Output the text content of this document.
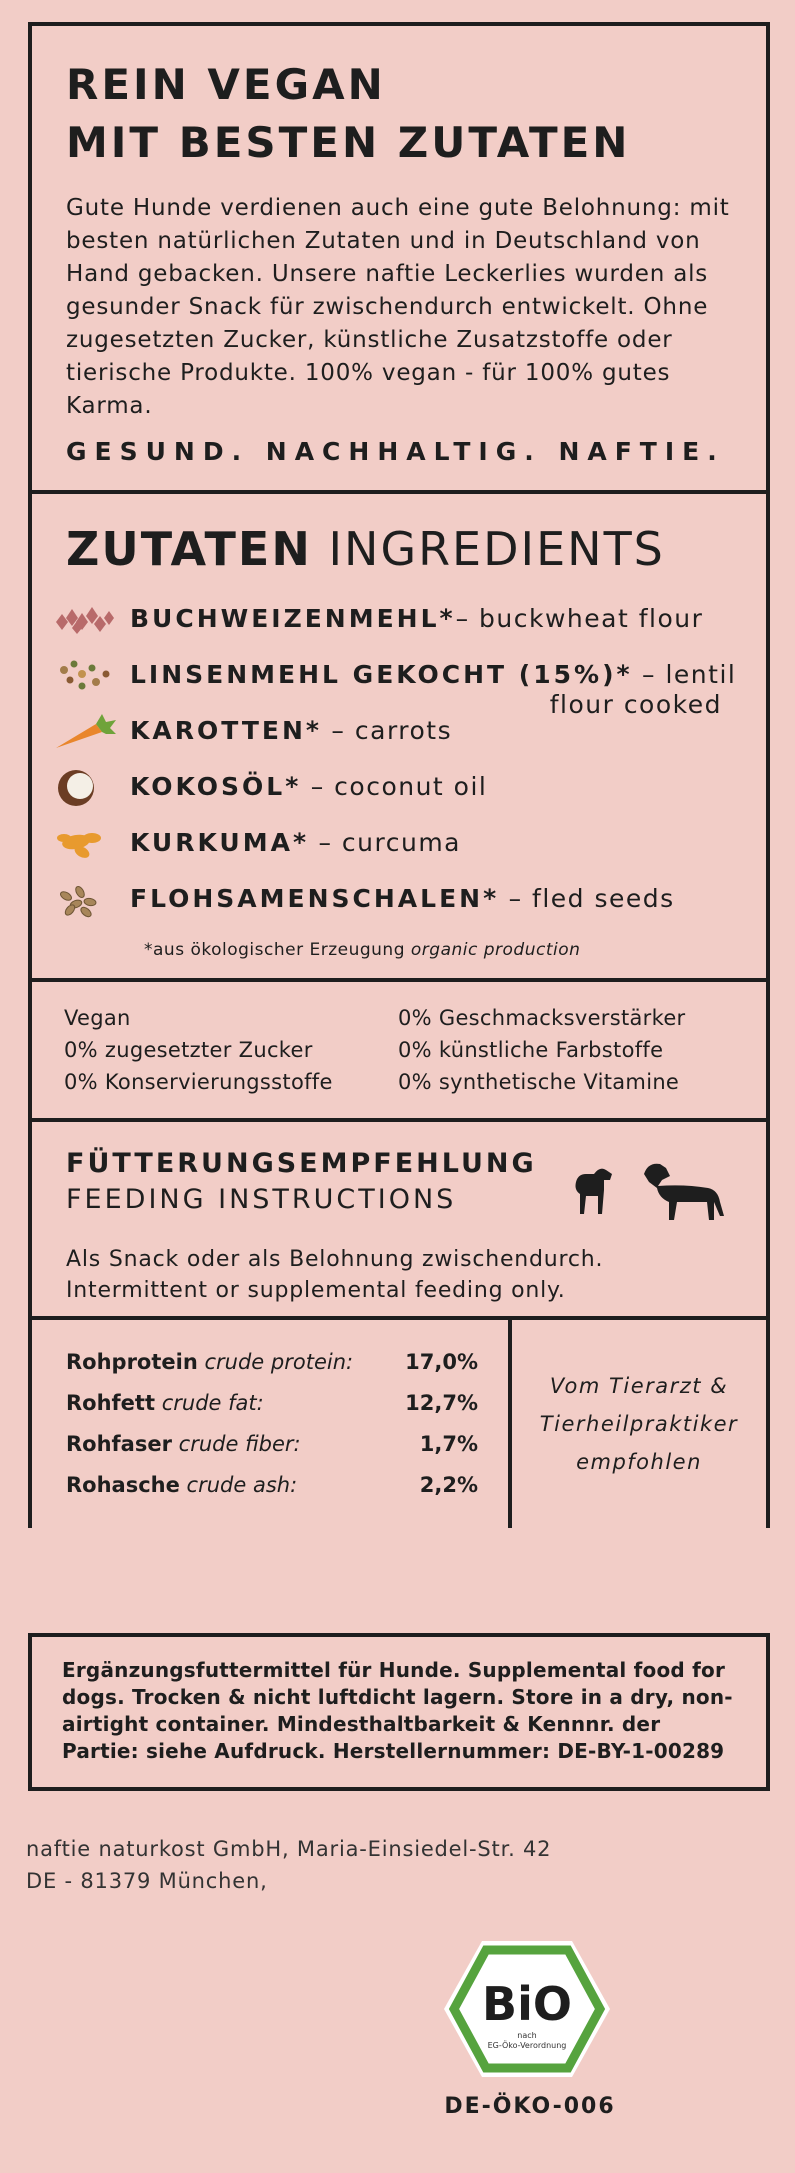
REIN VEGAN

MIT BESTEN ZUTATEN

Gute Hunde verdienen auch eine gute Belohnung: mit besten natürlichen Zutaten und in Deutschland von Hand gebacken. Unsere naftie Leckerlies wurden als gesunder Snack für zwischendurch entwickelt. Ohne zugesetzten Zucker, künstliche Zusatzstoffe oder tierische Produkte. 100% vegan - für 100% gutes Karma.

GESUND. NACHHALTIG. NAFTIE.

ZUTATEN INGREDIENTS

BUCHWEIZENMEHL*– buckwheat flour
LINSENMEHL GEKOCHT (15%)* – lentil
flour cooked
KAROTTEN* – carrots
KOKOSÖL* – coconut oil
KURKUMA* – curcuma
FLOHSAMENSCHALEN* – fled seeds

*aus ökologischer Erzeugung organic production

Vegan
0% zugesetzter Zucker
0% Konservierungsstoffe
0% Geschmacksverstärker
0% künstliche Farbstoffe
0% synthetische Vitamine

FÜTTERUNGSEMPFEHLUNG

FEEDING INSTRUCTIONS

Als Snack oder als Belohnung zwischendurch.
Intermittent or supplemental feeding only.
Rohprotein crude protein: 17,0%
Rohfett crude fat:	12,7%
Rohfaser crude fiber:	1,7%
Rohasche crude ash:	2,2%
Vom Tierarzt &
Tierheilpraktiker
empfohlen
Ergänzungsfuttermittel für Hunde. Supplemental food for dogs. Trocken & nicht luftdicht lagern. Store in a dry, non-airtight container. Mindesthaltbarkeit & Kennnr. der Partie: siehe Aufdruck. Herstellernummer: DE-BY-1-00289
naftie naturkost GmbH, Maria-Einsiedel-Str. 42
DE - 81379 München,
BiO
nach
EG-Öko-Verordnung
DE-ÖKO-006
